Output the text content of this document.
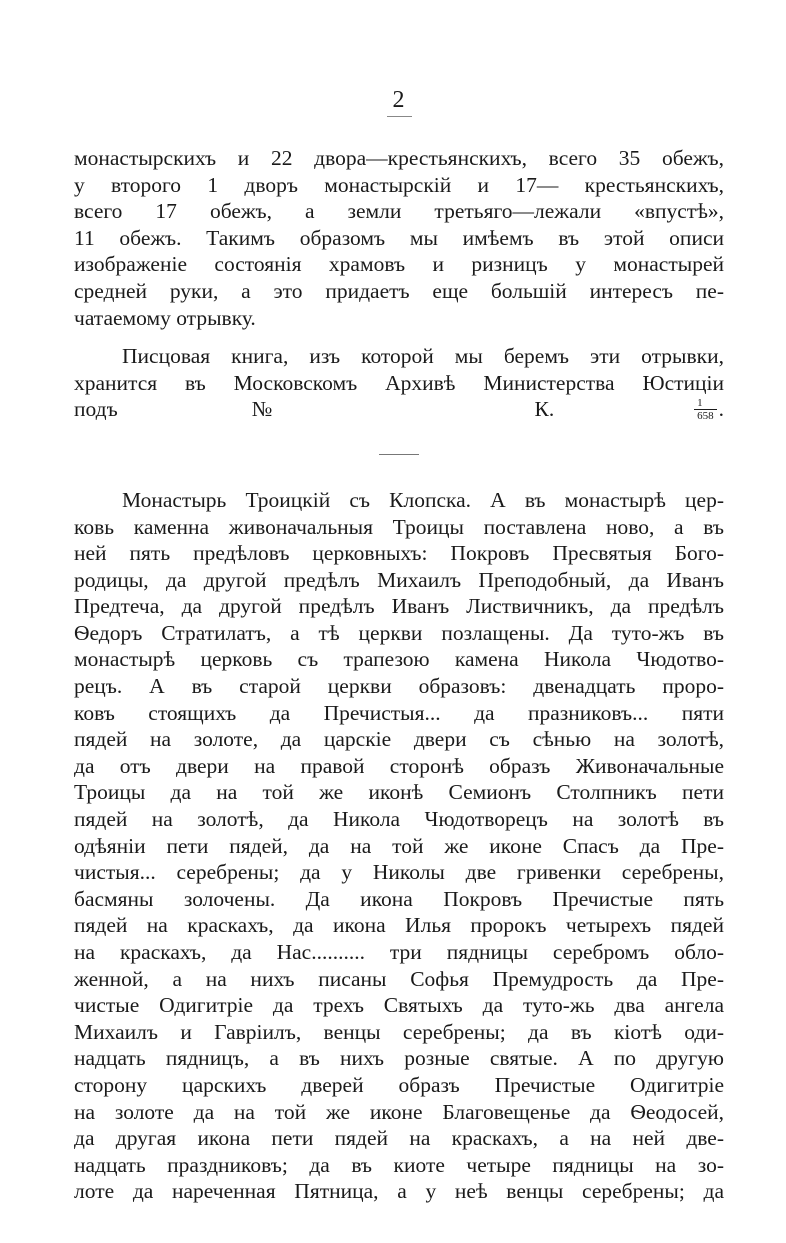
2
монастырскихъ и 22 двора—крестьянскихъ, всего 35 обежъ,
у второго 1 дворъ монастырскій и 17— крестьянскихъ,
всего 17 обежъ, а земли третьяго—лежали «впустѣ»,
11 обежъ. Такимъ образомъ мы имѣемъ въ этой описи
изображеніе состоянія храмовъ и ризницъ у монастырей
средней руки, а это придаетъ еще большій интересъ пе-
чатаемому отрывку.
Писцовая книга, изъ которой мы беремъ эти отрывки,
хранится въ Московскомъ Архивѣ Министерства Юстиціи
подъ № К.	$\frac{1}{658}$ .
Монастырь Троицкій съ Клопска. А въ монастырѣ цер-
ковь каменна живоначальныя Троицы поставлена ново, а въ
ней пять предѣловъ церковныхъ: Покровъ Пресвятыя Бого-
родицы, да другой предѣлъ Михаилъ Преподобный, да Иванъ
Предтеча, да другой предѣлъ Иванъ Листвичникъ, да предѣлъ
Ѳедоръ Стратилатъ, а тѣ церкви позлащены. Да туто-жъ въ
монастырѣ церковь съ трапезою камена Никола Чюдотво-
рецъ. А въ старой церкви образовъ: двенадцать проро-
ковъ стоящихъ да Пречистыя... да празниковъ... пяти
пядей на золоте, да царскіе двери съ сѣнью на золотѣ,
да отъ двери на правой сторонѣ образъ Живоначальные
Троицы да на той же иконѣ Семионъ Столпникъ пети
пядей на золотѣ, да Никола Чюдотворецъ на золотѣ въ
одѣяніи пети пядей, да на той же иконе Спасъ да Пре-
чистыя... серебрены; да у Николы две гривенки серебрены,
басмяны золочены. Да икона Покровъ Пречистые пять
пядей на краскахъ, да икона Илья пророкъ четырехъ пядей
на краскахъ, да Нас.......... три пядницы серебромъ обло-
женной, а на нихъ писаны Софья Премудрость да Пре-
чистые Одигитріе да трехъ Святыхъ да туто-жь два ангела
Михаилъ и Гавріилъ, венцы серебрены; да въ кіотѣ оди-
надцать пядницъ, а въ нихъ розные святые. А по другую
сторону царскихъ дверей образъ Пречистые Одигитріе
на золоте да на той же иконе Благовещенье да Ѳеодосей,
да другая икона пети пядей на краскахъ, а на ней две-
надцать праздниковъ; да въ киоте четыре пядницы на зо-
лоте да нареченная Пятница, а у неѣ венцы серебрены; да
